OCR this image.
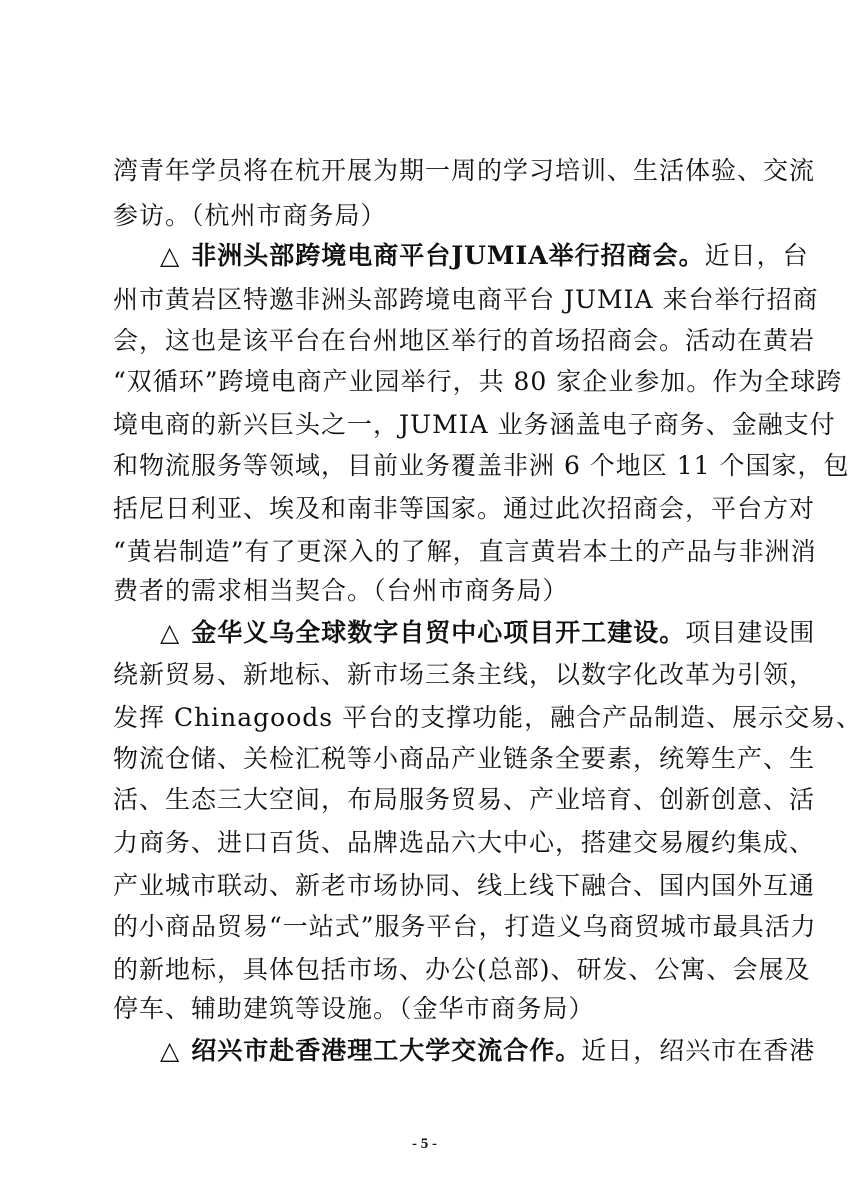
湾青年学员将在杭开展为期一周的学习培训、生活体验、交流
参访。（杭州市商务局）
△ 非洲头部跨境电商平台JUMIA举行招商会。近日，台
州市黄岩区特邀非洲头部跨境电商平台 JUMIA 来台举行招商
会，这也是该平台在台州地区举行的首场招商会。活动在黄岩
“双循环”跨境电商产业园举行，共 80 家企业参加。作为全球跨
境电商的新兴巨头之一，JUMIA 业务涵盖电子商务、金融支付
和物流服务等领域，目前业务覆盖非洲 6 个地区 11 个国家，包
括尼日利亚、埃及和南非等国家。通过此次招商会，平台方对
“黄岩制造”有了更深入的了解，直言黄岩本土的产品与非洲消
费者的需求相当契合。（台州市商务局）
△ 金华义乌全球数字自贸中心项目开工建设。项目建设围
绕新贸易、新地标、新市场三条主线，以数字化改革为引领，
发挥 Chinagoods 平台的支撑功能，融合产品制造、展示交易、
物流仓储、关检汇税等小商品产业链条全要素，统筹生产、生
活、生态三大空间，布局服务贸易、产业培育、创新创意、活
力商务、进口百货、品牌选品六大中心，搭建交易履约集成、
产业城市联动、新老市场协同、线上线下融合、国内国外互通
的小商品贸易“一站式”服务平台，打造义乌商贸城市最具活力
的新地标，具体包括市场、办公(总部)、研发、公寓、会展及
停车、辅助建筑等设施。（金华市商务局）
△ 绍兴市赴香港理工大学交流合作。近日，绍兴市在香港
- 5 -
